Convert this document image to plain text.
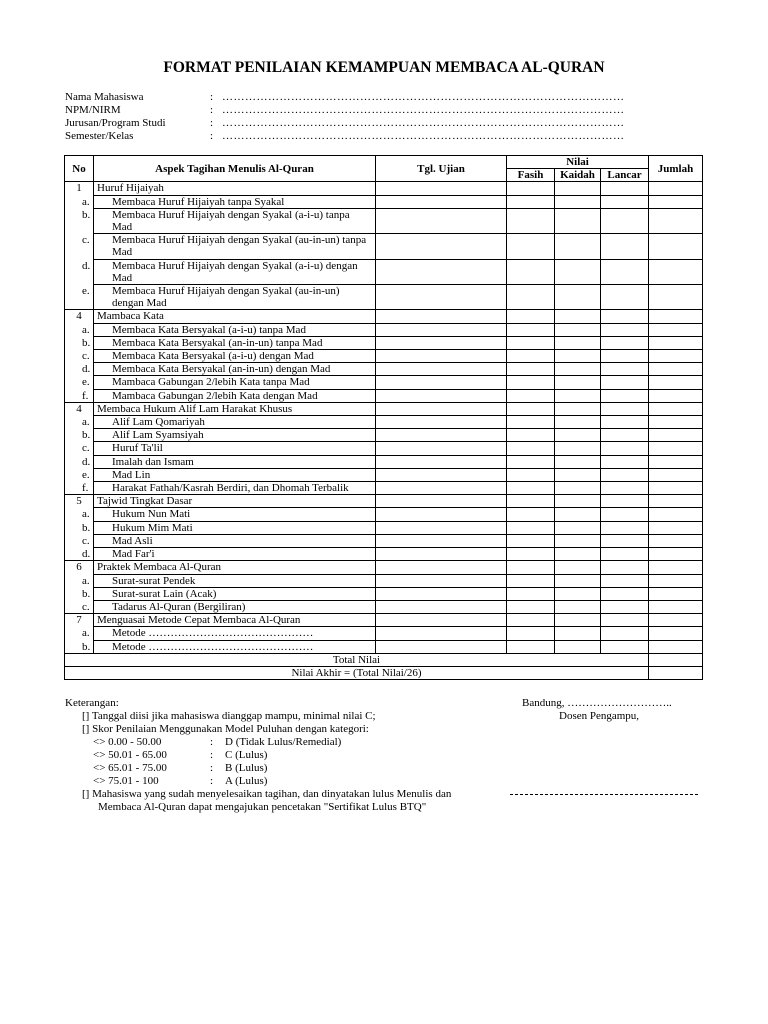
FORMAT PENILAIAN KEMAMPUAN MEMBACA AL-QURAN
Nama Mahasiswa	: ……………………………………………………………………………………………
NPM/NIRM	: ……………………………………………………………………………………………
Jurusan/Program Studi	: ……………………………………………………………………………………………
Semester/Kelas	: ……………………………………………………………………………………………
No	Aspek Tagihan Menulis Al-Quran	Tgl. Ujian	Nilai			Jumlah
			Fasih	Kaidah	Lancar	
1	Huruf Hijaiyah					

	a. Membaca Huruf Hijaiyah tanpa Syakal					

	b. Membaca Huruf Hijaiyah dengan Syakal (a-i-u) tanpa Mad					

	c. Membaca Huruf Hijaiyah dengan Syakal (au-in-un) tanpa Mad					

	d. Membaca Huruf Hijaiyah dengan Syakal (a-i-u) dengan Mad					

	e. Membaca Huruf Hijaiyah dengan Syakal (au-in-un) dengan Mad					

4	Mambaca Kata					

	a. Membaca Kata Bersyakal (a-i-u) tanpa Mad					

	b. Membaca Kata Bersyakal (an-in-un) tanpa Mad					

	c. Membaca Kata Bersyakal (a-i-u) dengan Mad					

	d. Membaca Kata Bersyakal (an-in-un) dengan Mad					

	e. Mambaca Gabungan 2/lebih Kata tanpa Mad					

	f. Mambaca Gabungan 2/lebih Kata dengan Mad					

4	Membaca Hukum Alif Lam Harakat Khusus					

	a. Alif Lam Qomariyah					

	b. Alif Lam Syamsiyah					

	c. Huruf Ta'lil					

	d. Imalah dan Ismam					

	e. Mad Lin					

	f. Harakat Fathah/Kasrah Berdiri, dan Dhomah Terbalik					

5	Tajwid Tingkat Dasar					

	a. Hukum Nun Mati					

	b. Hukum Mim Mati					

	c. Mad Asli					

	d. Mad Far'i					

6	Praktek Membaca Al-Quran					

	a. Surat-surat Pendek					

	b. Surat-surat Lain (Acak)					

	c. Tadarus Al-Quran (Bergiliran)					

7	Menguasai Metode Cepat Membaca Al-Quran					

	a. Metode ………………………………………					

	b. Metode ………………………………………					

Total Nilai						
Nilai Akhir = (Total Nilai/26)						
Keterangan:
[] Tanggal diisi jika mahasiswa dianggap mampu, minimal nilai C;
[] Skor Penilaian Menggunakan Model Puluhan dengan kategori:
<> 0.00 - 50.00	: D (Tidak Lulus/Remedial)
<> 50.01 - 65.00	: C (Lulus)
<> 65.01 - 75.00	: B (Lulus)
<> 75.01 - 100	: A (Lulus)
[] Mahasiswa yang sudah menyelesaikan tagihan, dan dinyatakan lulus Menulis dan
Membaca Al-Quran dapat mengajukan pencetakan "Sertifikat Lulus BTQ"
Bandung, ………………………..
Dosen Pengampu,
